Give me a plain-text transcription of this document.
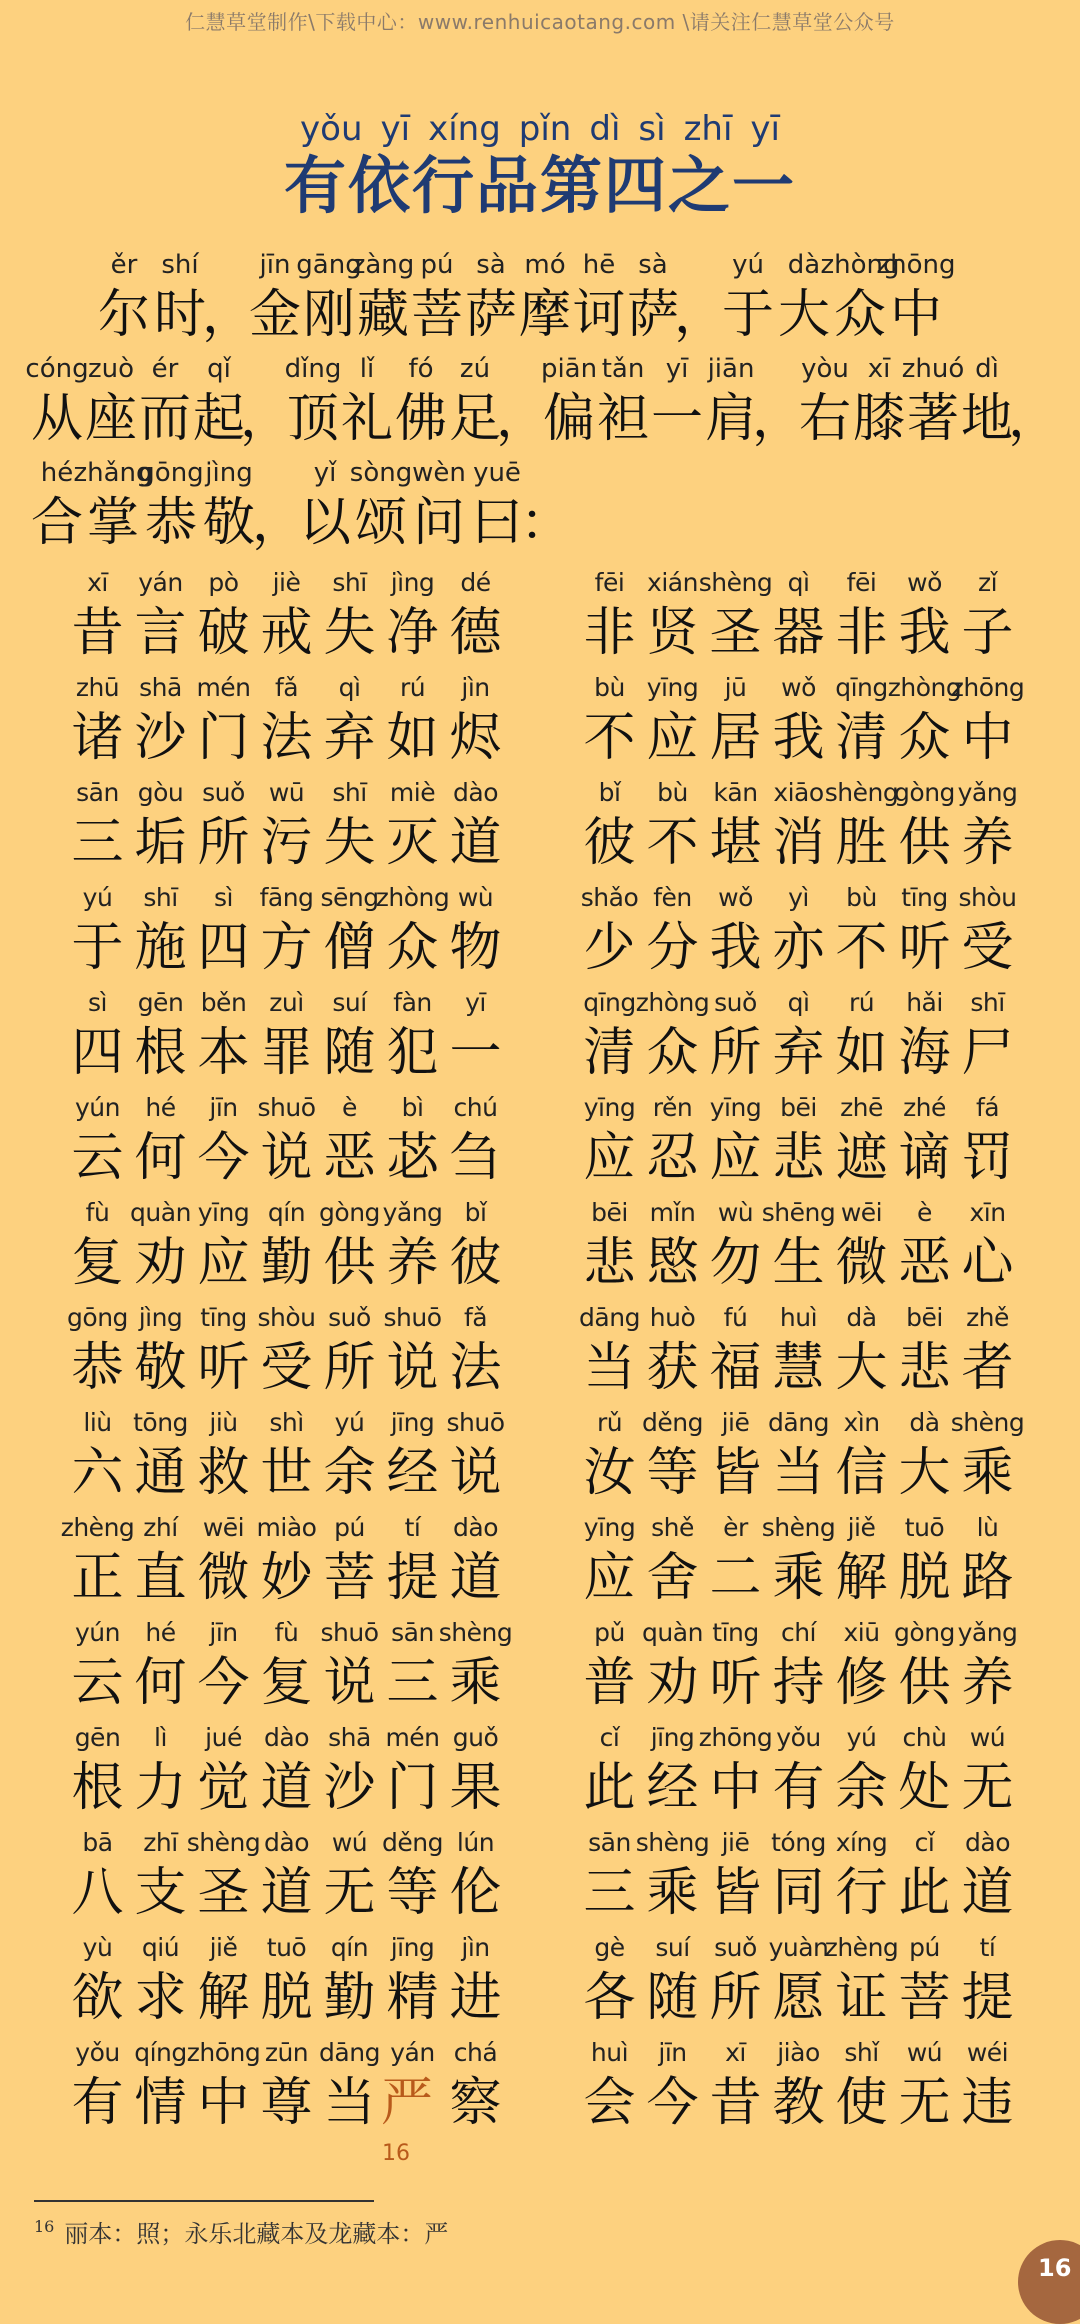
仁慧草堂制作\下载中心：www.renhuicaotang.com \请关注仁慧草堂公众号
yǒu yī xíng pǐn dì sì zhī yī
有依行品第四之一
ěr
尔
shí
时
，
jīn
金
gāng
刚
zàng
藏
pú
菩
sà
萨
mó
摩
hē
诃
sà
萨
，
yú
于
dà
大
zhòng
众
zhōng
中
cóng
从
zuò
座
ér
而
qǐ
起
，
dǐng
顶
lǐ
礼
fó
佛
zú
足
，
piān
偏
tǎn
袒
yī
一
jiān
肩
，
yòu
右
xī
膝
zhuó
著
dì
地
，
hé
合
zhǎng
掌
gōng
恭
jìng
敬
，
yǐ
以
sòng
颂
wèn
问
yuē
曰
：
xī
昔
yán
言
pò
破
jiè
戒
shī
失
jìng
净
dé
德
fēi
非
xián
贤
shèng
圣
qì
器
fēi
非
wǒ
我
zǐ
子
zhū
诸
shā
沙
mén
门
fǎ
法
qì
弃
rú
如
jìn
烬
bù
不
yīng
应
jū
居
wǒ
我
qīng
清
zhòng
众
zhōng
中
sān
三
gòu
垢
suǒ
所
wū
污
shī
失
miè
灭
dào
道
bǐ
彼
bù
不
kān
堪
xiāo
消
shèng
胜
gòng
供
yǎng
养
yú
于
shī
施
sì
四
fāng
方
sēng
僧
zhòng
众
wù
物
shǎo
少
fèn
分
wǒ
我
yì
亦
bù
不
tīng
听
shòu
受
sì
四
gēn
根
běn
本
zuì
罪
suí
随
fàn
犯
yī
一
qīng
清
zhòng
众
suǒ
所
qì
弃
rú
如
hǎi
海
shī
尸
yún
云
hé
何
jīn
今
shuō
说
è
恶
bì
苾
chú
刍
yīng
应
rěn
忍
yīng
应
bēi
悲
zhē
遮
zhé
谪
fá
罚
fù
复
quàn
劝
yīng
应
qín
勤
gòng
供
yǎng
养
bǐ
彼
bēi
悲
mǐn
愍
wù
勿
shēng
生
wēi
微
è
恶
xīn
心
gōng
恭
jìng
敬
tīng
听
shòu
受
suǒ
所
shuō
说
fǎ
法
dāng
当
huò
获
fú
福
huì
慧
dà
大
bēi
悲
zhě
者
liù
六
tōng
通
jiù
救
shì
世
yú
余
jīng
经
shuō
说
rǔ
汝
děng
等
jiē
皆
dāng
当
xìn
信
dà
大
shèng
乘
zhèng
正
zhí
直
wēi
微
miào
妙
pú
菩
tí
提
dào
道
yīng
应
shě
舍
èr
二
shèng
乘
jiě
解
tuō
脱
lù
路
yún
云
hé
何
jīn
今
fù
复
shuō
说
sān
三
shèng
乘
pǔ
普
quàn
劝
tīng
听
chí
持
xiū
修
gòng
供
yǎng
养
gēn
根
lì
力
jué
觉
dào
道
shā
沙
mén
门
guǒ
果
cǐ
此
jīng
经
zhōng
中
yǒu
有
yú
余
chù
处
wú
无
bā
八
zhī
支
shèng
圣
dào
道
wú
无
děng
等
lún
伦
sān
三
shèng
乘
jiē
皆
tóng
同
xíng
行
cǐ
此
dào
道
yù
欲
qiú
求
jiě
解
tuō
脱
qín
勤
jīng
精
jìn
进
gè
各
suí
随
suǒ
所
yuàn
愿
zhèng
证
pú
菩
tí
提
yǒu
有
qíng
情
zhōng
中
zūn
尊
dāng
当
yán
严$^{16}$
chá
察
huì
会
jīn
今
xī
昔
jiào
教
shǐ
使
wú
无
wéi
违
$^{16}$ 丽本：照；永乐北藏本及龙藏本：严
16
